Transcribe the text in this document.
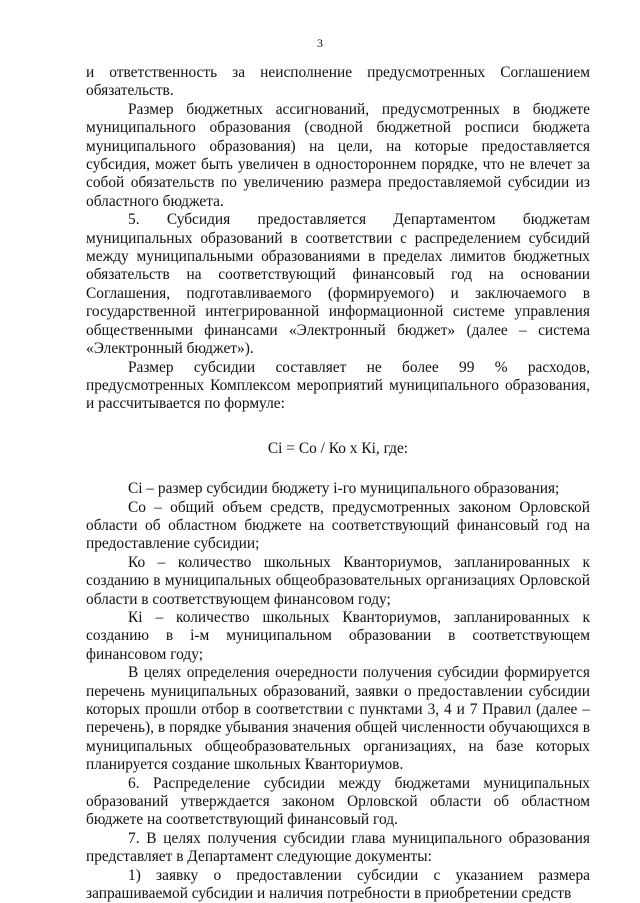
3

и ответственность за неисполнение предусмотренных Соглашением обязательств.

Размер бюджетных ассигнований, предусмотренных в бюджете муниципального образования (сводной бюджетной росписи бюджета муниципального образования) на цели, на которые предоставляется субсидия, может быть увеличен в одностороннем порядке, что не влечет за собой обязательств по увеличению размера предоставляемой субсидии из областного бюджета.

5. Субсидия предоставляется Департаментом бюджетам муниципальных образований в соответствии с распределением субсидий между муниципальными образованиями в пределах лимитов бюджетных обязательств на соответствующий финансовый год на основании Соглашения, подготавливаемого (формируемого) и заключаемого в государственной интегрированной информационной системе управления общественными финансами «Электронный бюджет» (далее – система «Электронный бюджет»).

Размер субсидии составляет не более 99 % расходов, предусмотренных Комплексом мероприятий муниципального образования, и рассчитывается по формуле:

Сi = Со / Ко х Кi, где:

Сi – размер субсидии бюджету i-го муниципального образования;

Со – общий объем средств, предусмотренных законом Орловской области об областном бюджете на соответствующий финансовый год на предоставление субсидии;

Ко – количество школьных Кванториумов, запланированных к созданию в муниципальных общеобразовательных организациях Орловской области в соответствующем финансовом году;

Кi – количество школьных Кванториумов, запланированных к созданию в i-м муниципальном образовании в соответствующем финансовом году;

В целях определения очередности получения субсидии формируется перечень муниципальных образований, заявки о предоставлении субсидии которых прошли отбор в соответствии с пунктами 3, 4 и 7 Правил (далее – перечень), в порядке убывания значения общей численности обучающихся в муниципальных общеобразовательных организациях, на базе которых планируется создание школьных Кванториумов.

6. Распределение субсидии между бюджетами муниципальных образований утверждается законом Орловской области об областном бюджете на соответствующий финансовый год.

7. В целях получения субсидии глава муниципального образования представляет в Департамент следующие документы:

1) заявку о предоставлении субсидии с указанием размера запрашиваемой субсидии и наличия потребности в приобретении средств
